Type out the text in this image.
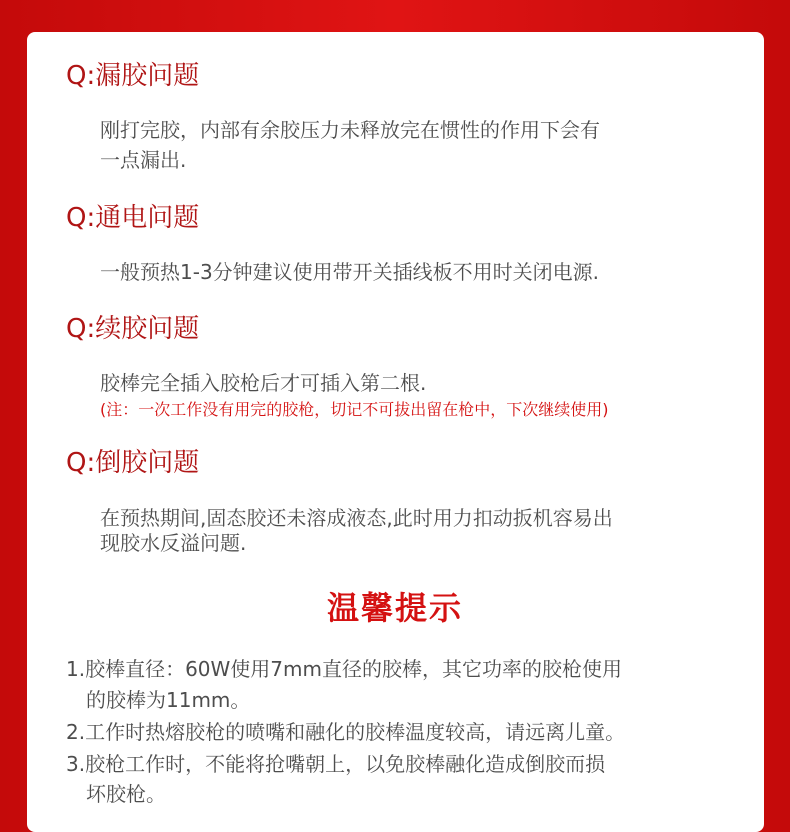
Q:漏胶问题

刚打完胶，内部有余胶压力未释放完在惯性的作用下会有

一点漏出.

Q:通电问题

一般预热1-3分钟建议使用带开关插线板不用时关闭电源.

Q:续胶问题

胶棒完全插入胶枪后才可插入第二根.

(注：一次工作没有用完的胶枪，切记不可拔出留在枪中，下次继续使用)

Q:倒胶问题

在预热期间,固态胶还未溶成液态,此时用力扣动扳机容易出

现胶水反溢问题.

温馨提示

1.胶棒直径：60W使用7mm直径的胶棒，其它功率的胶枪使用

的胶棒为11mm。

2.工作时热熔胶枪的喷嘴和融化的胶棒温度较高，请远离儿童。

3.胶枪工作时，不能将抢嘴朝上，以免胶棒融化造成倒胶而损

坏胶枪。
